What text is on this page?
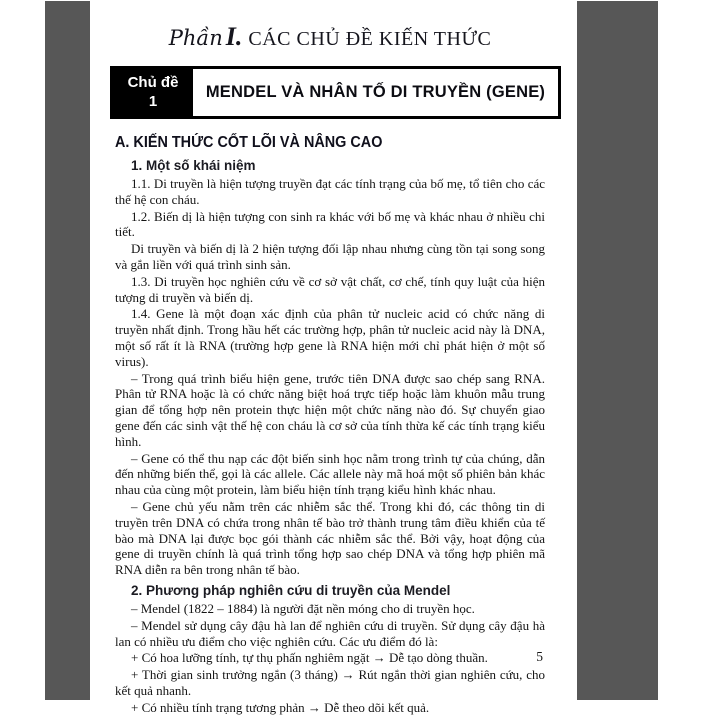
Phần I. CÁC CHỦ ĐỀ KIẾN THỨC
Chủ đề
1	MENDEL VÀ NHÂN TỐ DI TRUYỀN (GENE)
A. KIẾN THỨC CỐT LÕI VÀ NÂNG CAO
1. Một số khái niệm
1.1. Di truyền là hiện tượng truyền đạt các tính trạng của bố mẹ, tổ tiên cho các thế hệ con cháu.
1.2. Biến dị là hiện tượng con sinh ra khác với bố mẹ và khác nhau ở nhiều chi tiết.
Di truyền và biến dị là 2 hiện tượng đối lập nhau nhưng cùng tồn tại song song và gắn liền với quá trình sinh sản.
1.3. Di truyền học nghiên cứu về cơ sở vật chất, cơ chế, tính quy luật của hiện tượng di truyền và biến dị.
1.4. Gene là một đoạn xác định của phân tử nucleic acid có chức năng di truyền nhất định. Trong hầu hết các trường hợp, phân tử nucleic acid này là DNA, một số rất ít là RNA (trường hợp gene là RNA hiện mới chỉ phát hiện ở một số virus).
– Trong quá trình biểu hiện gene, trước tiên DNA được sao chép sang RNA. Phân tử RNA hoặc là có chức năng biệt hoá trực tiếp hoặc làm khuôn mẫu trung gian để tổng hợp nên protein thực hiện một chức năng nào đó. Sự chuyển giao gene đến các sinh vật thế hệ con cháu là cơ sở của tính thừa kế các tính trạng kiểu hình.
– Gene có thể thu nạp các đột biến sinh học nằm trong trình tự của chúng, dẫn đến những biến thể, gọi là các allele. Các allele này mã hoá một số phiên bản khác nhau của cùng một protein, làm biểu hiện tính trạng kiểu hình khác nhau.
– Gene chủ yếu nằm trên các nhiễm sắc thể. Trong khi đó, các thông tin di truyền trên DNA có chứa trong nhân tế bào trở thành trung tâm điều khiển của tế bào mà DNA lại được bọc gói thành các nhiễm sắc thể. Bởi vậy, hoạt động của gene di truyền chính là quá trình tổng hợp sao chép DNA và tổng hợp phiên mã RNA diễn ra bên trong nhân tế bào.
2. Phương pháp nghiên cứu di truyền của Mendel
– Mendel (1822 – 1884) là người đặt nền móng cho di truyền học.
– Mendel sử dụng cây đậu hà lan để nghiên cứu di truyền. Sử dụng cây đậu hà lan có nhiều ưu điểm cho việc nghiên cứu. Các ưu điểm đó là:
+ Có hoa lưỡng tính, tự thụ phấn nghiêm ngặt → Dễ tạo dòng thuần.
+ Thời gian sinh trưởng ngắn (3 tháng) → Rút ngắn thời gian nghiên cứu, cho kết quả nhanh.
+ Có nhiều tính trạng tương phản → Dễ theo dõi kết quả.
5
